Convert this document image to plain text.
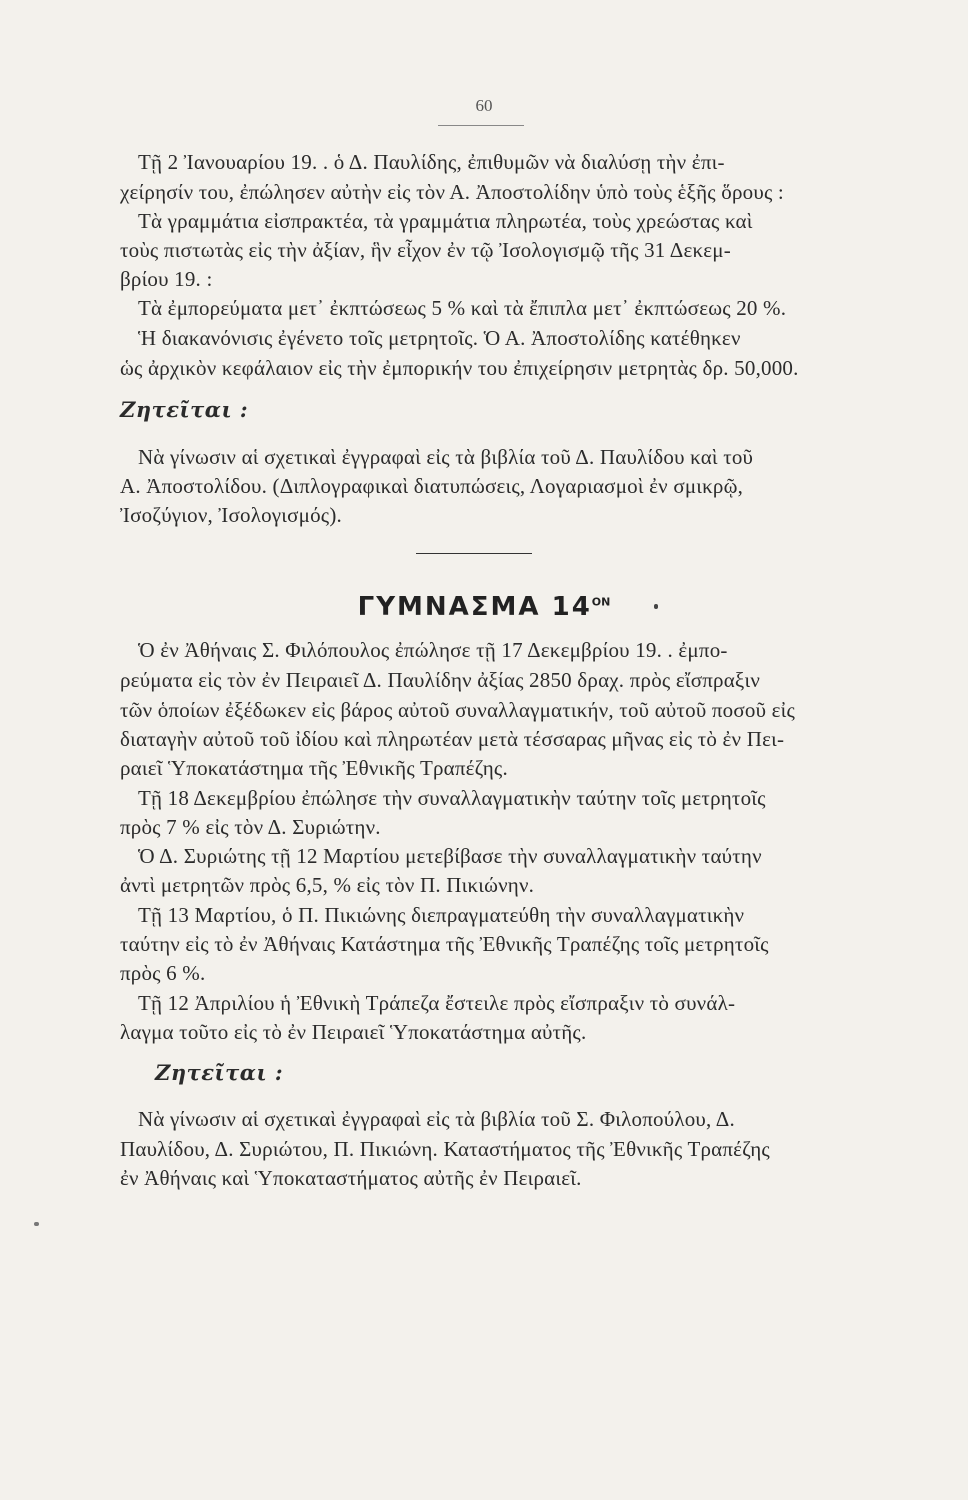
60
Τῇ 2 Ἰανουαρίου 19. . ὁ Δ. Παυλίδης, ἐπιθυμῶν νὰ διαλύσῃ τὴν ἐπι-
χείρησίν του, ἐπώλησεν αὐτὴν εἰς τὸν Α. Ἀποστολίδην ὑπὸ τοὺς ἑξῆς ὅρους :
Τὰ γραμμάτια εἰσπρακτέα, τὰ γραμμάτια πληρωτέα, τοὺς χρεώστας καὶ
τοὺς πιστωτὰς εἰς τὴν ἀξίαν, ἣν εἶχον ἐν τῷ Ἰσολογισμῷ τῆς 31 Δεκεμ-
βρίου 19. :
Τὰ ἐμπορεύματα μετ᾽ ἐκπτώσεως 5 % καὶ τὰ ἔπιπλα μετ᾽ ἐκπτώσεως 20 %.
Ἡ διακανόνισις ἐγένετο τοῖς μετρητοῖς. Ὁ Α. Ἀποστολίδης κατέθηκεν
ὡς ἀρχικὸν κεφάλαιον εἰς τὴν ἐμπορικήν του ἐπιχείρησιν μετρητὰς δρ. 50,000.
Ζητεῖται :
Νὰ γίνωσιν αἱ σχετικαὶ ἐγγραφαὶ εἰς τὰ βιβλία τοῦ Δ. Παυλίδου καὶ τοῦ
Α. Ἀποστολίδου. (Διπλογραφικαὶ διατυπώσεις, Λογαριασμοὶ ἐν σμικρῷ,
Ἰσοζύγιον, Ἰσολογισμός).
ΓΥΜΝΑΣΜΑ $14^{ON}$
Ὁ ἐν Ἀθήναις Σ. Φιλόπουλος ἐπώλησε τῇ 17 Δεκεμβρίου 19. . ἐμπο-
ρεύματα εἰς τὸν ἐν Πειραιεῖ Δ. Παυλίδην ἀξίας 2850 δραχ. πρὸς εἴσπραξιν
τῶν ὁποίων ἐξέδωκεν εἰς βάρος αὐτοῦ συναλλαγματικήν, τοῦ αὐτοῦ ποσοῦ εἰς
διαταγὴν αὐτοῦ τοῦ ἰδίου καὶ πληρωτέαν μετὰ τέσσαρας μῆνας εἰς τὸ ἐν Πει-
ραιεῖ Ὑποκατάστημα τῆς Ἐθνικῆς Τραπέζης.
Τῇ 18 Δεκεμβρίου ἐπώλησε τὴν συναλλαγματικὴν ταύτην τοῖς μετρητοῖς
πρὸς 7 % εἰς τὸν Δ. Συριώτην.
Ὁ Δ. Συριώτης τῇ 12 Μαρτίου μετεβίβασε τὴν συναλλαγματικὴν ταύτην
ἀντὶ μετρητῶν πρὸς 6,5, % εἰς τὸν Π. Πικιώνην.
Τῇ 13 Μαρτίου, ὁ Π. Πικιώνης διεπραγματεύθη τὴν συναλλαγματικὴν
ταύτην εἰς τὸ ἐν Ἀθήναις Κατάστημα τῆς Ἐθνικῆς Τραπέζης τοῖς μετρητοῖς
πρὸς 6 %.
Τῇ 12 Ἀπριλίου ἡ Ἐθνικὴ Τράπεζα ἔστειλε πρὸς εἴσπραξιν τὸ συνάλ-
λαγμα τοῦτο εἰς τὸ ἐν Πειραιεῖ Ὑποκατάστημα αὐτῆς.
Ζητεῖται :
Νὰ γίνωσιν αἱ σχετικαὶ ἐγγραφαὶ εἰς τὰ βιβλία τοῦ Σ. Φιλοπούλου, Δ.
Παυλίδου, Δ. Συριώτου, Π. Πικιώνη. Καταστήματος τῆς Ἐθνικῆς Τραπέζης
ἐν Ἀθήναις καὶ Ὑποκαταστήματος αὐτῆς ἐν Πειραιεῖ.
